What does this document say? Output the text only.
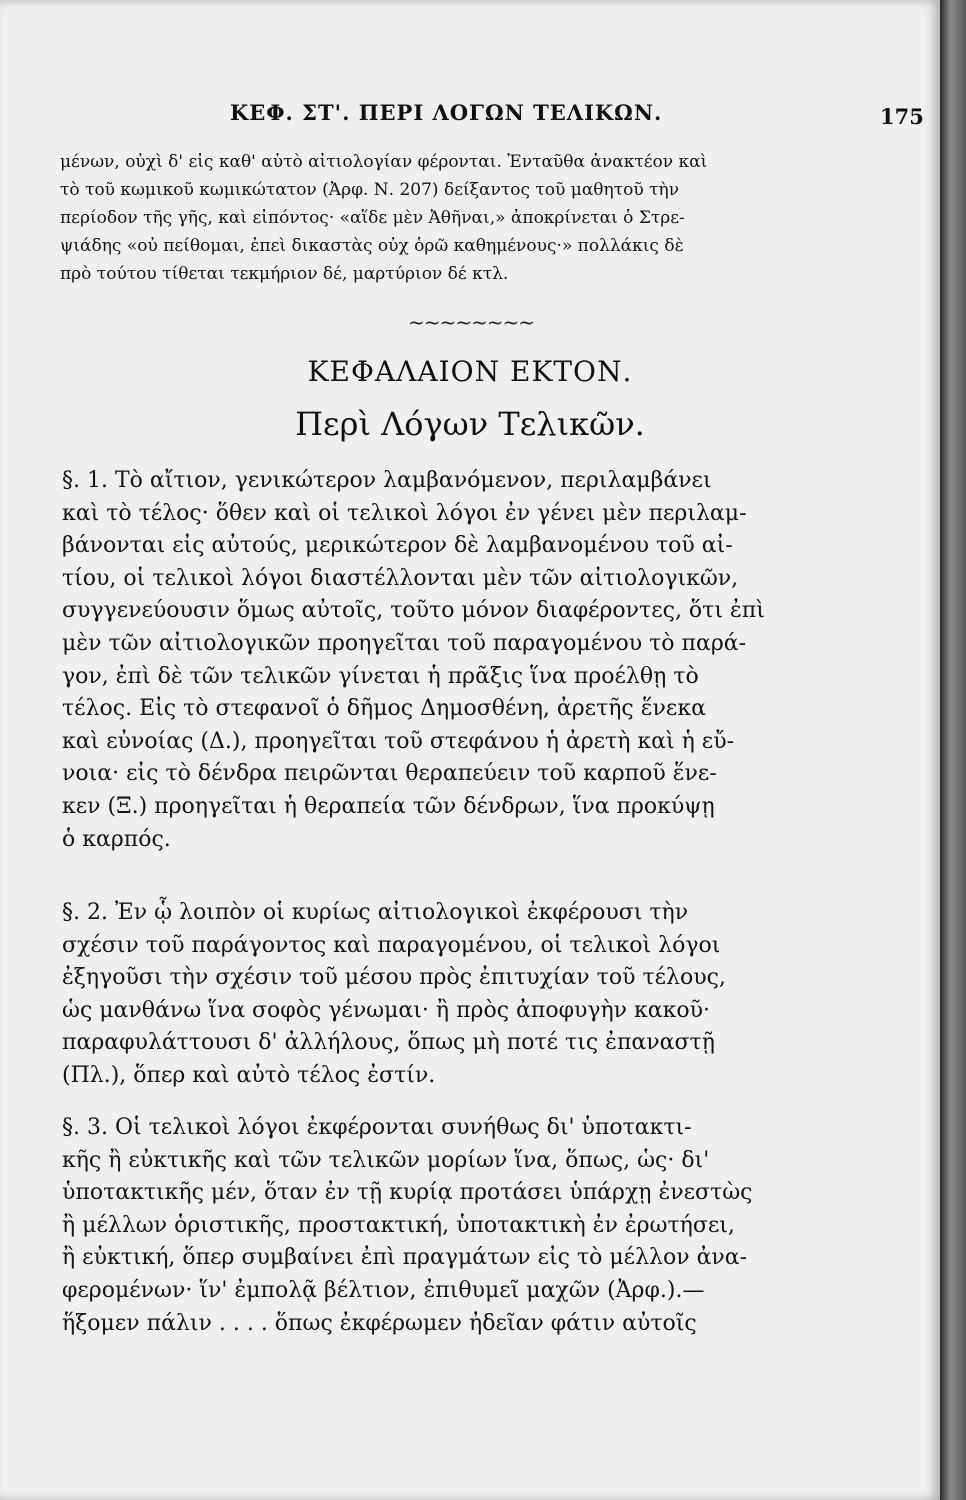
ΚΕΦ. ΣΤ'. ΠΕΡΙ ΛΟΓΩΝ ΤΕΛΙΚΩΝ.	175
μένων, οὐχὶ δ' εἰς καθ' αὑτὸ αἰτιολογίαν φέρονται. Ἐνταῦθα ἀνακτέον καὶ
τὸ τοῦ κωμικοῦ κωμικώτατον (Ἀρφ. Ν. 207) δείξαντος τοῦ μαθητοῦ τὴν
περίοδον τῆς γῆς, καὶ εἰπόντος· «αἵδε μὲν Ἀθῆναι,» ἀποκρίνεται ὁ Στρε-
ψιάδης «οὐ πείθομαι, ἐπεὶ δικαστὰς οὐχ ὁρῶ καθημένους·» πολλάκις δὲ
πρὸ τούτου τίθεται τεκμήριον δέ, μαρτύριον δέ κτλ.
~~~~~~~~
ΚΕΦΑΛΑΙΟΝ ΕΚΤΟΝ.
Περὶ Λόγων Τελικῶν.
§. 1. Τὸ αἴτιον, γενικώτερον λαμβανόμενον, περιλαμβάνει
καὶ τὸ τέλος· ὅθεν καὶ οἱ τελικοὶ λόγοι ἐν γένει μὲν περιλαμ-
βάνονται εἰς αὐτούς, μερικώτερον δὲ λαμβανομένου τοῦ αἰ-
τίου, οἱ τελικοὶ λόγοι διαστέλλονται μὲν τῶν αἰτιολογικῶν,
συγγενεύουσιν ὅμως αὐτοῖς, τοῦτο μόνον διαφέροντες, ὅτι ἐπὶ
μὲν τῶν αἰτιολογικῶν προηγεῖται τοῦ παραγομένου τὸ παρά-
γον, ἐπὶ δὲ τῶν τελικῶν γίνεται ἡ πρᾶξις ἵνα προέλθῃ τὸ
τέλος. Εἰς τὸ στεφανοῖ ὁ δῆμος Δημοσθένη, ἀρετῆς ἕνεκα
καὶ εὐνοίας (Δ.), προηγεῖται τοῦ στεφάνου ἡ ἀρετὴ καὶ ἡ εὔ-
νοια· εἰς τὸ δένδρα πειρῶνται θεραπεύειν τοῦ καρποῦ ἕνε-
κεν (Ξ.) προηγεῖται ἡ θεραπεία τῶν δένδρων, ἵνα προκύψῃ
ὁ καρπός.
§. 2. Ἐν ᾧ λοιπὸν οἱ κυρίως αἰτιολογικοὶ ἐκφέρουσι τὴν
σχέσιν τοῦ παράγοντος καὶ παραγομένου, οἱ τελικοὶ λόγοι
ἐξηγοῦσι τὴν σχέσιν τοῦ μέσου πρὸς ἐπιτυχίαν τοῦ τέλους,
ὡς μανθάνω ἵνα σοφὸς γένωμαι· ἢ πρὸς ἀποφυγὴν κακοῦ·
παραφυλάττουσι δ' ἀλλήλους, ὅπως μὴ ποτέ τις ἐπαναστῇ
(Πλ.), ὅπερ καὶ αὐτὸ τέλος ἐστίν.
§. 3. Οἱ τελικοὶ λόγοι ἐκφέρονται συνήθως δι' ὑποτακτι-
κῆς ἢ εὐκτικῆς καὶ τῶν τελικῶν μορίων ἵνα, ὅπως, ὡς· δι'
ὑποτακτικῆς μέν, ὅταν ἐν τῇ κυρίᾳ προτάσει ὑπάρχῃ ἐνεστὼς
ἢ μέλλων ὁριστικῆς, προστακτική, ὑποτακτικὴ ἐν ἐρωτήσει,
ἢ εὐκτική, ὅπερ συμβαίνει ἐπὶ πραγμάτων εἰς τὸ μέλλον ἀνα-
φερομένων· ἵν' ἐμπολᾷ βέλτιον, ἐπιθυμεῖ μαχῶν (Ἀρφ.).—
ἥξομεν πάλιν . . . . ὅπως ἐκφέρωμεν ἠδεῖαν φάτιν αὐτοῖς
